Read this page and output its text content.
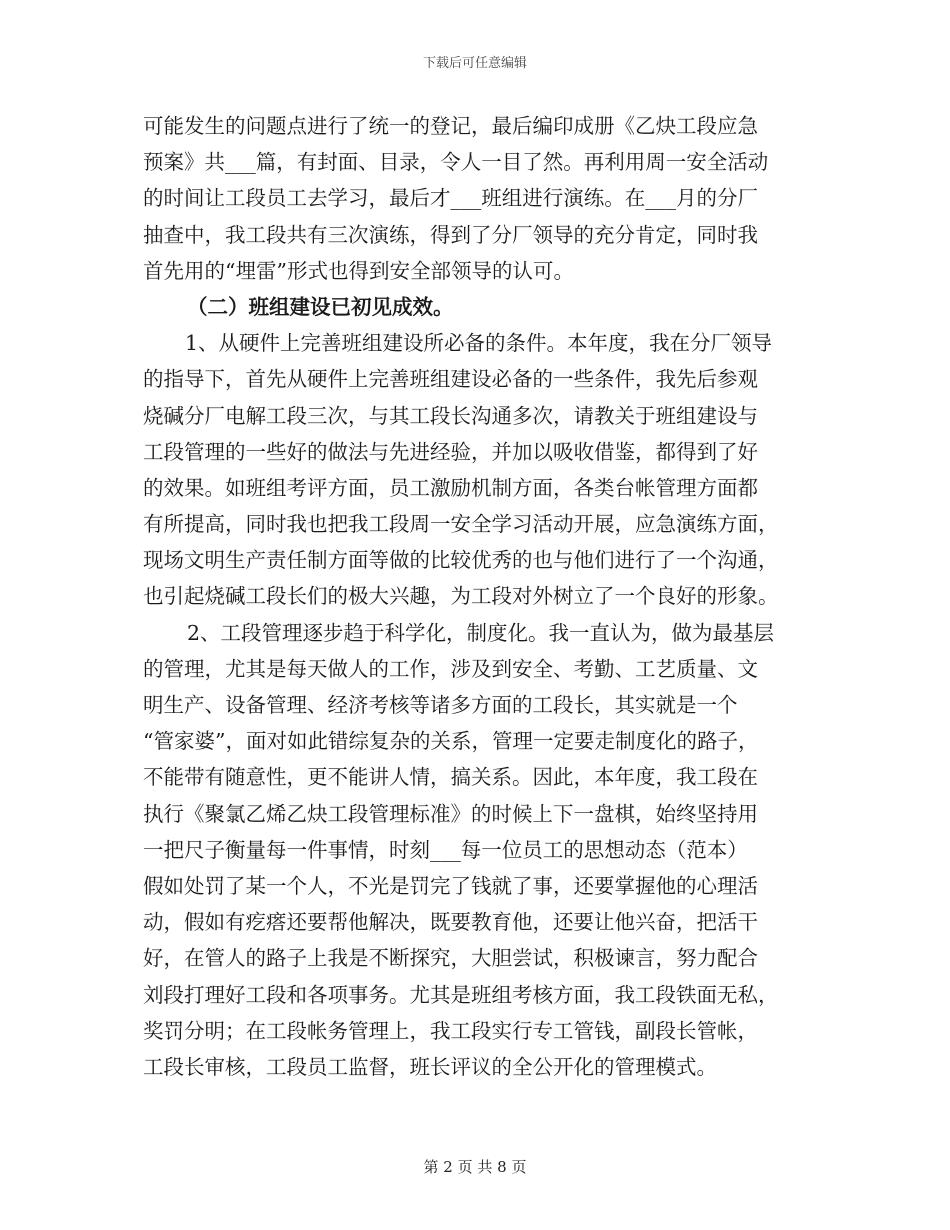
下载后可任意编辑
可能发生的问题点进行了统一的登记，最后编印成册《乙炔工段应急
预案》共___篇，有封面、目录，令人一目了然。再利用周一安全活动
的时间让工段员工去学习，最后才___班组进行演练。在___月的分厂
抽查中，我工段共有三次演练，得到了分厂领导的充分肯定，同时我
首先用的“埋雷”形式也得到安全部领导的认可。
（二）班组建设已初见成效。
1、从硬件上完善班组建设所必备的条件。本年度，我在分厂领导
的指导下，首先从硬件上完善班组建设必备的一些条件，我先后参观
烧碱分厂电解工段三次，与其工段长沟通多次，请教关于班组建设与
工段管理的一些好的做法与先进经验，并加以吸收借鉴，都得到了好
的效果。如班组考评方面，员工激励机制方面，各类台帐管理方面都
有所提高，同时我也把我工段周一安全学习活动开展，应急演练方面，
现场文明生产责任制方面等做的比较优秀的也与他们进行了一个沟通，
也引起烧碱工段长们的极大兴趣，为工段对外树立了一个良好的形象。
2、工段管理逐步趋于科学化，制度化。我一直认为，做为最基层
的管理，尤其是每天做人的工作，涉及到安全、考勤、工艺质量、文
明生产、设备管理、经济考核等诸多方面的工段长，其实就是一个
“管家婆”，面对如此错综复杂的关系，管理一定要走制度化的路子，
不能带有随意性，更不能讲人情，搞关系。因此，本年度，我工段在
执行《聚氯乙烯乙炔工段管理标准》的时候上下一盘棋，始终坚持用
一把尺子衡量每一件事情，时刻___每一位员工的思想动态（范本）
假如处罚了某一个人，不光是罚完了钱就了事，还要掌握他的心理活
动，假如有疙瘩还要帮他解决，既要教育他，还要让他兴奋，把活干
好，在管人的路子上我是不断探究，大胆尝试，积极谏言，努力配合
刘段打理好工段和各项事务。尤其是班组考核方面，我工段铁面无私，
奖罚分明；在工段帐务管理上，我工段实行专工管钱，副段长管帐，
工段长审核，工段员工监督，班长评议的全公开化的管理模式。
第 2 页 共 8 页
